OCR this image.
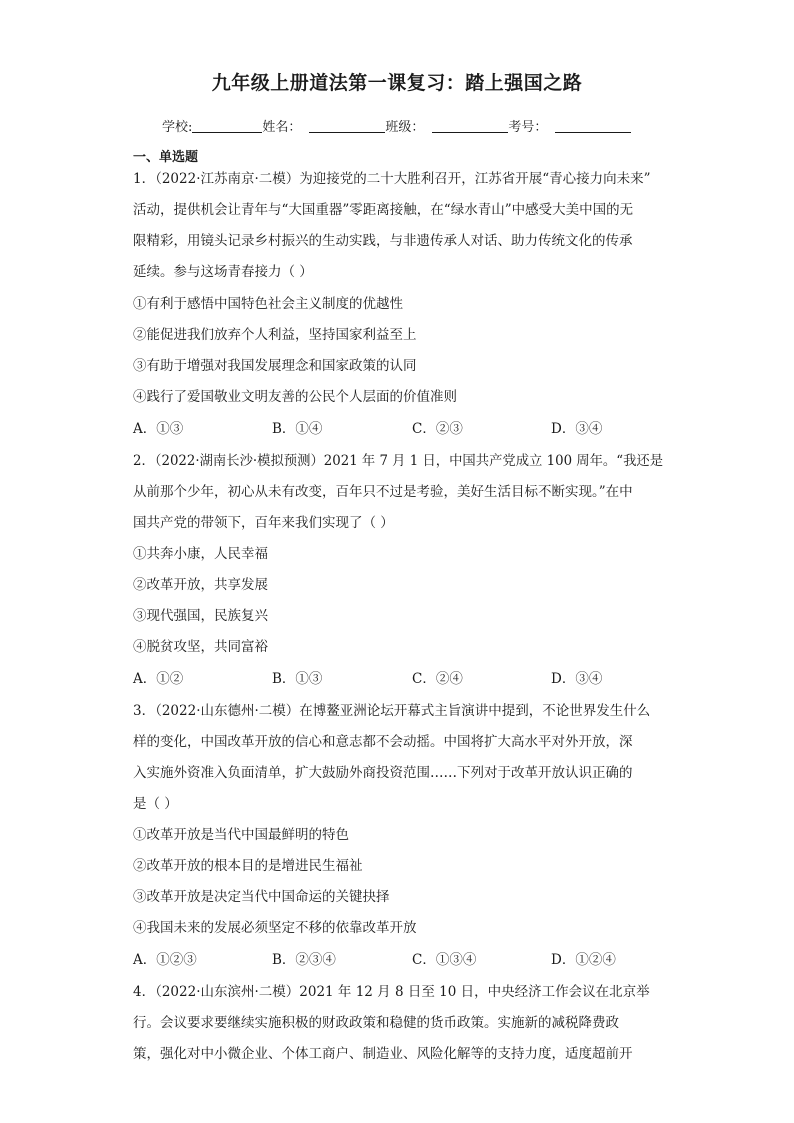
九年级上册道法第一课复习：踏上强国之路
学校:	姓名：	班级：	考号：
一、单选题
1．（2022·江苏南京·二模）为迎接党的二十大胜利召开，江苏省开展“青心接力向未来”
活动，提供机会让青年与“大国重器”零距离接触，在“绿水青山”中感受大美中国的无
限精彩，用镜头记录乡村振兴的生动实践，与非遗传承人对话、助力传统文化的传承
延续。参与这场青春接力（ ）
①有利于感悟中国特色社会主义制度的优越性
②能促进我们放弃个人利益，坚持国家利益至上
③有助于增强对我国发展理念和国家政策的认同
④践行了爱国敬业文明友善的公民个人层面的价值准则
A．①③	B．①④	C．②③	D．③④
2．（2022·湖南长沙·模拟预测）2021 年 7 月 1 日，中国共产党成立 100 周年。“我还是
从前那个少年，初心从未有改变，百年只不过是考验，美好生活目标不断实现。”在中
国共产党的带领下，百年来我们实现了（ ）
①共奔小康，人民幸福
②改革开放，共享发展
③现代强国，民族复兴
④脱贫攻坚，共同富裕
A．①②	B．①③	C．②④	D．③④
3．（2022·山东德州·二模）在博鳌亚洲论坛开幕式主旨演讲中提到，不论世界发生什么
样的变化，中国改革开放的信心和意志都不会动摇。中国将扩大高水平对外开放，深
入实施外资准入负面清单，扩大鼓励外商投资范围……下列对于改革开放认识正确的
是（ ）
①改革开放是当代中国最鲜明的特色
②改革开放的根本目的是增进民生福祉
③改革开放是决定当代中国命运的关键抉择
④我国未来的发展必须坚定不移的依靠改革开放
A．①②③	B．②③④	C．①③④	D．①②④
4．（2022·山东滨州·二模）2021 年 12 月 8 日至 10 日，中央经济工作会议在北京举
行。会议要求要继续实施积极的财政政策和稳健的货币政策。实施新的减税降费政
策，强化对中小微企业、个体工商户、制造业、风险化解等的支持力度，适度超前开
